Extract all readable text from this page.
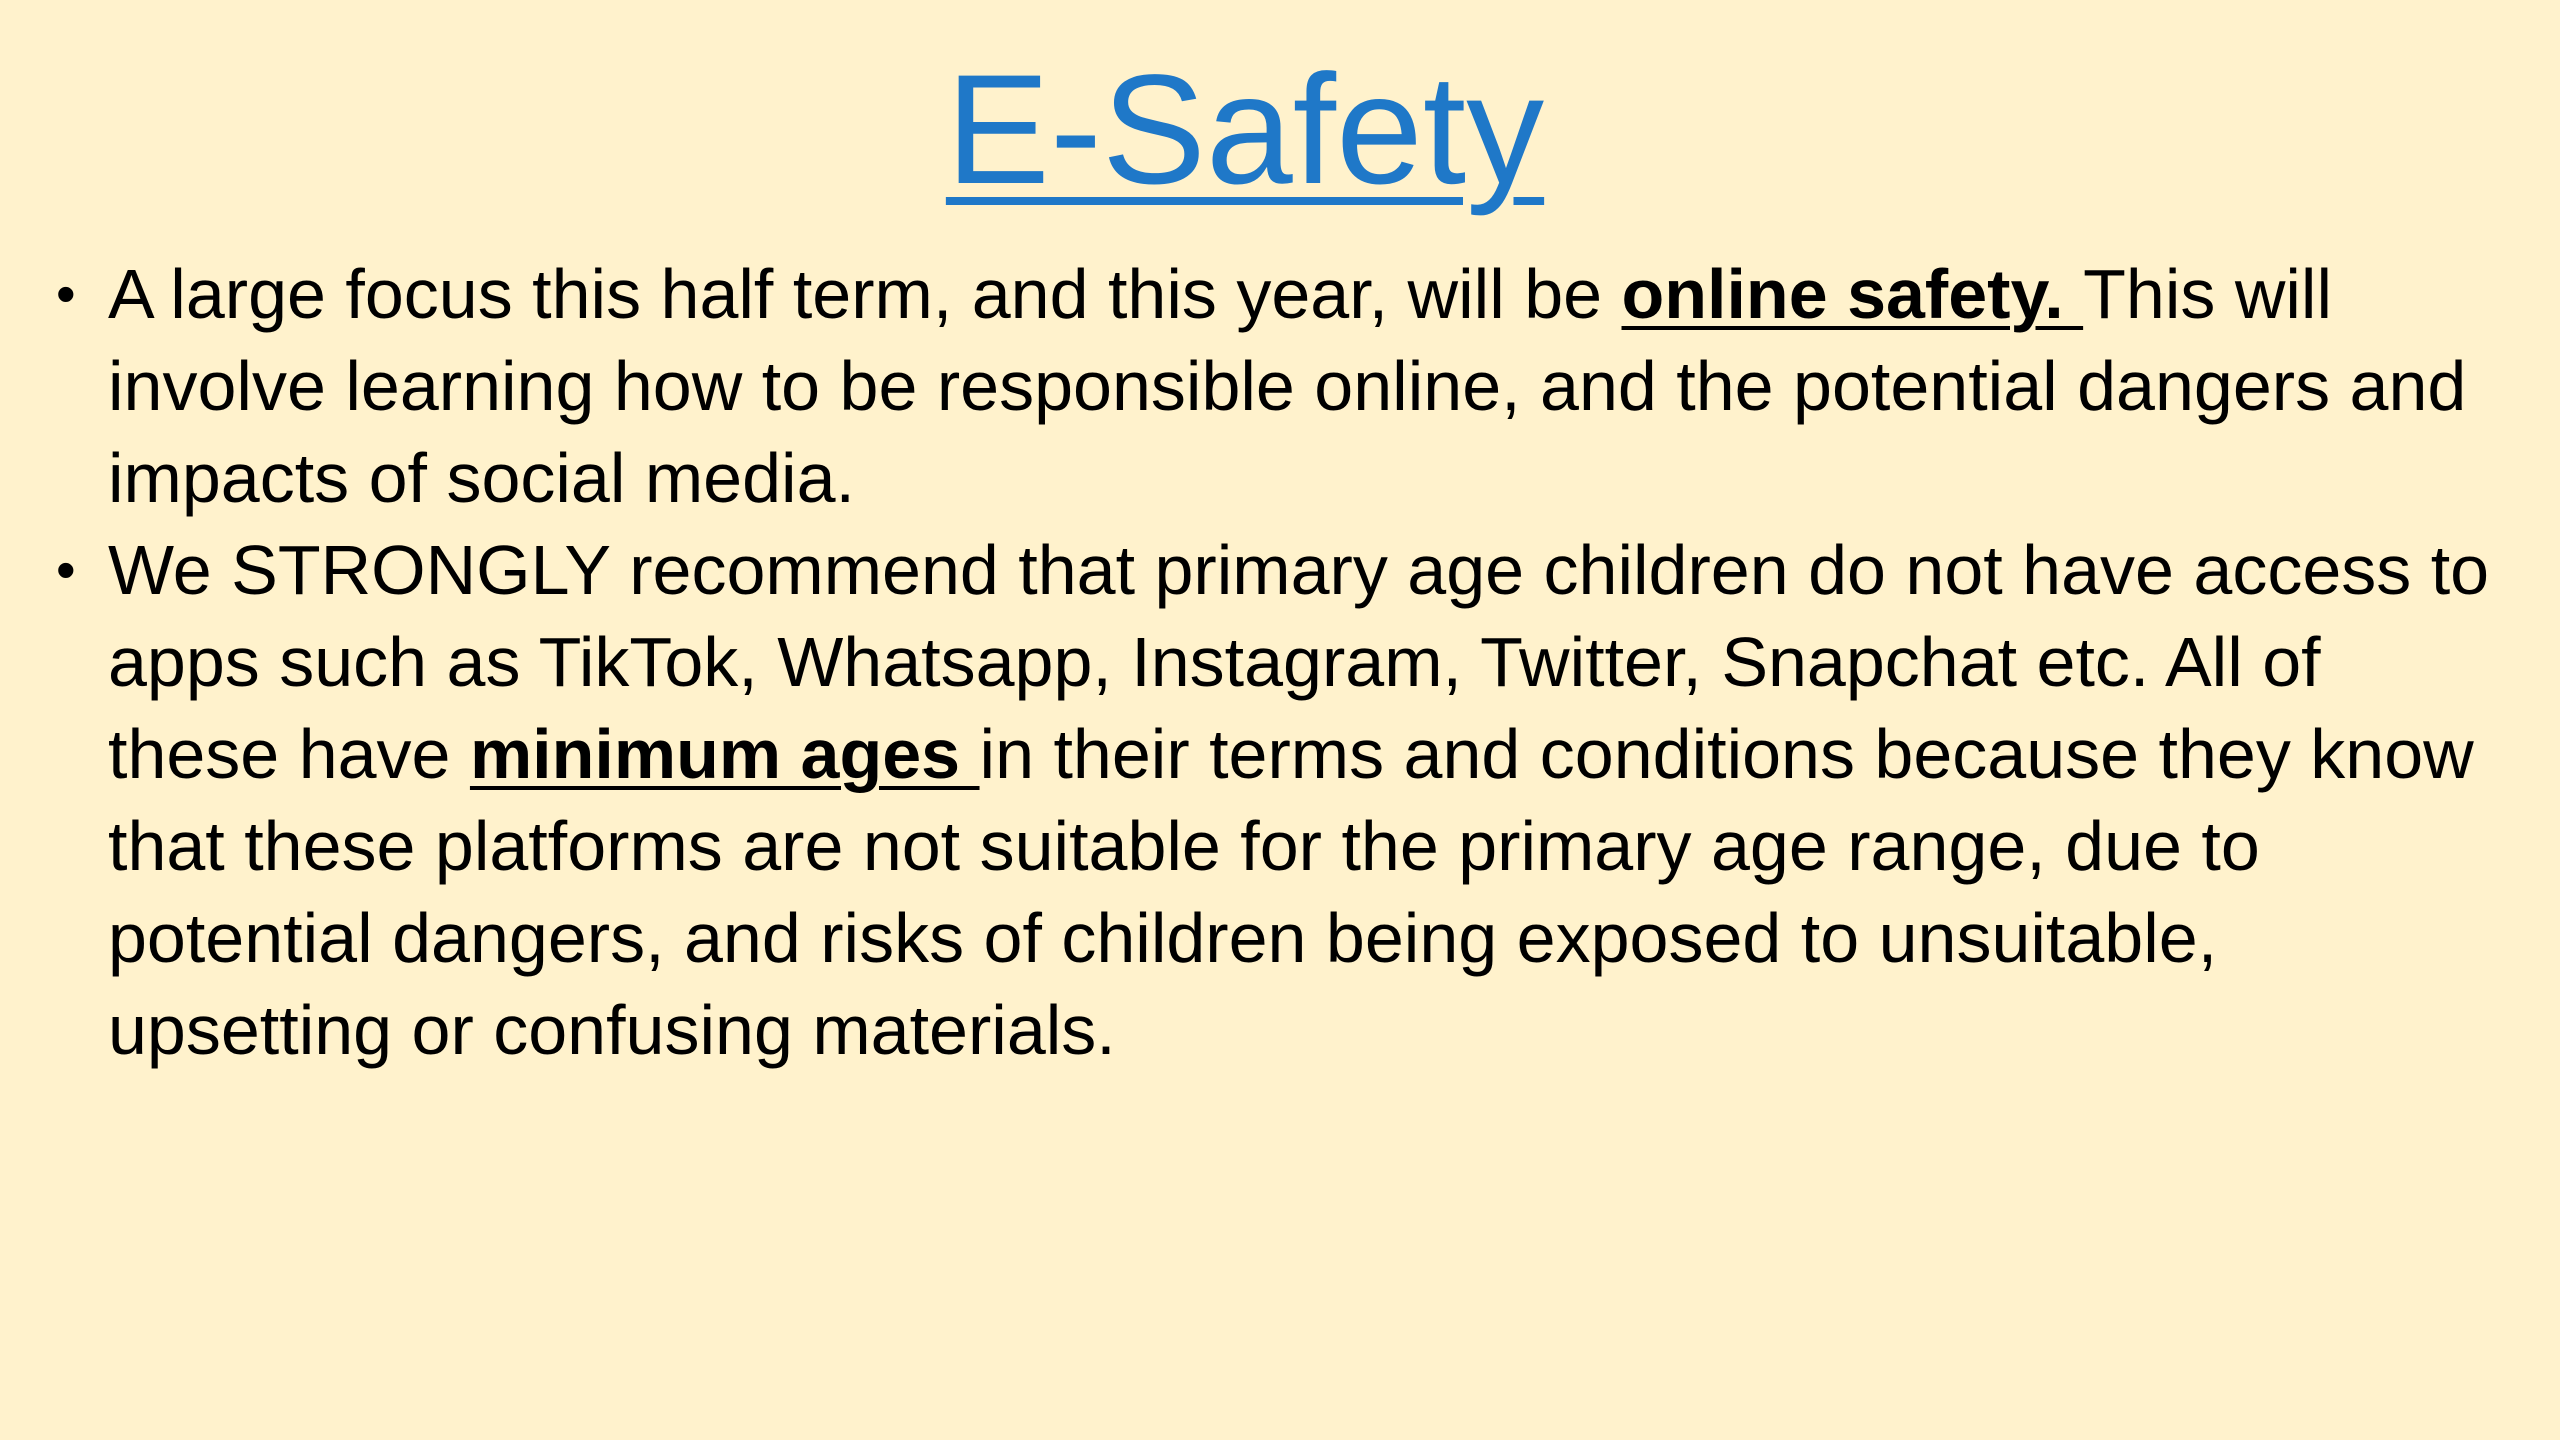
E-Safety
• A large focus this half term, and this year, will be online safety. This will involve learning how to be responsible online, and the potential dangers and impacts of social media.
• We STRONGLY recommend that primary age children do not have access to apps such as TikTok, Whatsapp, Instagram, Twitter, Snapchat etc. All of these have minimum ages in their terms and conditions because they know that these platforms are not suitable for the primary age range, due to potential dangers, and risks of children being exposed to unsuitable, upsetting or confusing materials.
